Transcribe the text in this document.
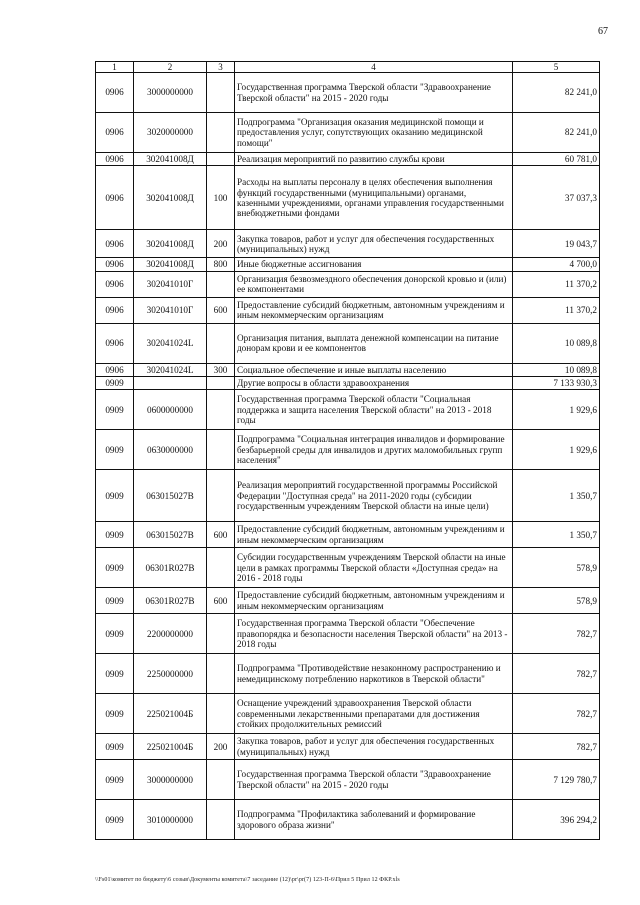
67
1	2	3	4	5
0906	3000000000		Государственная программа Тверской области "Здравоохранение Тверской области" на 2015 - 2020 годы	82 241,0
0906	3020000000		Подпрограмма "Организация оказания медицинской помощи и предоставления услуг, сопутствующих оказанию медицинской помощи"	82 241,0
0906	302041008Д		Реализация мероприятий по развитию службы крови	60 781,0
0906	302041008Д	100	Расходы на выплаты персоналу в целях обеспечения выполнения функций государственными (муниципальными) органами, казенными учреждениями, органами управления государственными внебюджетными фондами	37 037,3
0906	302041008Д	200	Закупка товаров, работ и услуг для обеспечения государственных (муниципальных) нужд	19 043,7
0906	302041008Д	800	Иные бюджетные ассигнования	4 700,0
0906	302041010Г		Организация безвозмездного обеспечения донорской кровью и (или) ее компонентами	11 370,2
0906	302041010Г	600	Предоставление субсидий бюджетным, автономным учреждениям и иным некоммерческим организациям	11 370,2
0906	302041024L		Организация питания, выплата денежной компенсации на питание донорам крови и ее компонентов	10 089,8
0906	302041024L	300	Социальное обеспечение и иные выплаты населению	10 089,8
0909			Другие вопросы в области здравоохранения	7 133 930,3
0909	0600000000		Государственная программа Тверской области "Социальная поддержка и защита населения Тверской области" на 2013 - 2018 годы	1 929,6
0909	0630000000		Подпрограмма "Социальная интеграция инвалидов и формирование безбарьерной среды для инвалидов и других маломобильных групп населения"	1 929,6
0909	063015027В		Реализация мероприятий государственной программы Российской Федерации "Доступная среда" на 2011-2020 годы (субсидии государственным учреждениям Тверской области на иные цели)	1 350,7
0909	063015027В	600	Предоставление субсидий бюджетным, автономным учреждениям и иным некоммерческим организациям	1 350,7
0909	06301R027В		Субсидии государственным учреждениям Тверской области на иные цели в рамках программы Тверской области «Доступная среда» на 2016 - 2018 годы	578,9
0909	06301R027В	600	Предоставление субсидий бюджетным, автономным учреждениям и иным некоммерческим организациям	578,9
0909	2200000000		Государственная программа Тверской области "Обеспечение правопорядка и безопасности населения Тверской области" на 2013 - 2018 годы	782,7
0909	2250000000		Подпрограмма "Противодействие незаконному распространению и немедицинскому потреблению наркотиков в Тверской области"	782,7
0909	225021004Б		Оснащение учреждений здравоохранения Тверской области современными лекарственными препаратами для достижения стойких продолжительных ремиссий	782,7
0909	225021004Б	200	Закупка товаров, работ и услуг для обеспечения государственных (муниципальных) нужд	782,7
0909	3000000000		Государственная программа Тверской области "Здравоохранение Тверской области" на 2015 - 2020 годы	7 129 780,7
0909	3010000000		Подпрограмма "Профилактика заболеваний и формирование здорового образа жизни"	396 294,2
\\Fs01\комитет по бюджету\6 созыв\Документы комитета\7 заседание (12)\pr\pr(7) 123-П-6\Прил 5 Прил 12 ФКР.xls
